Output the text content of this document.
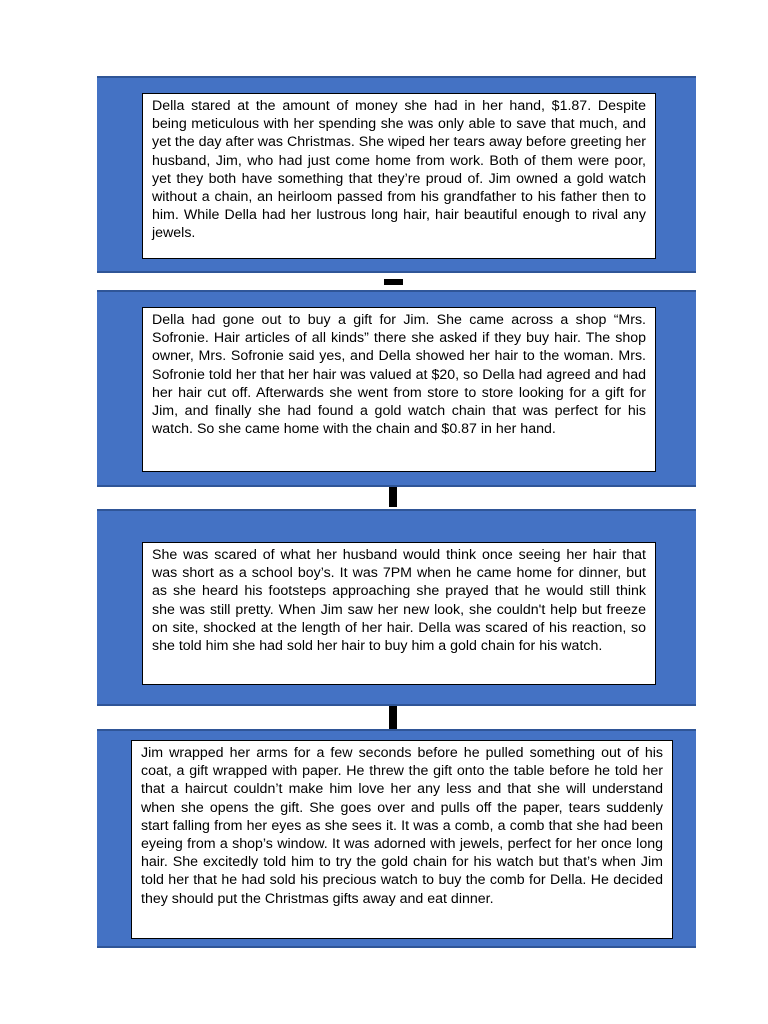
Della stared at the amount of money she had in her hand, $1.87. Despite being meticulous with her spending she was only able to save that much, and yet the day after was Christmas. She wiped her tears away before greeting her husband, Jim, who had just come home from work. Both of them were poor, yet they both have something that they’re proud of. Jim owned a gold watch without a chain, an heirloom passed from his grandfather to his father then to him. While Della had her lustrous long hair, hair beautiful enough to rival any jewels.
Della had gone out to buy a gift for Jim. She came across a shop “Mrs. Sofronie. Hair articles of all kinds” there she asked if they buy hair. The shop owner, Mrs. Sofronie said yes, and Della showed her hair to the woman. Mrs. Sofronie told her that her hair was valued at $20, so Della had agreed and had her hair cut off. Afterwards she went from store to store looking for a gift for Jim, and finally she had found a gold watch chain that was perfect for his watch. So she came home with the chain and $0.87 in her hand.
She was scared of what her husband would think once seeing her hair that was short as a school boy’s. It was 7PM when he came home for dinner, but as she heard his footsteps approaching she prayed that he would still think she was still pretty. When Jim saw her new look, she couldn't help but freeze on site, shocked at the length of her hair. Della was scared of his reaction, so she told him she had sold her hair to buy him a gold chain for his watch.
Jim wrapped her arms for a few seconds before he pulled something out of his coat, a gift wrapped with paper. He threw the gift onto the table before he told her that a haircut couldn’t make him love her any less and that she will understand when she opens the gift. She goes over and pulls off the paper, tears suddenly start falling from her eyes as she sees it. It was a comb, a comb that she had been eyeing from a shop’s window. It was adorned with jewels, perfect for her once long hair. She excitedly told him to try the gold chain for his watch but that’s when Jim told her that he had sold his precious watch to buy the comb for Della. He decided they should put the Christmas gifts away and eat dinner.
